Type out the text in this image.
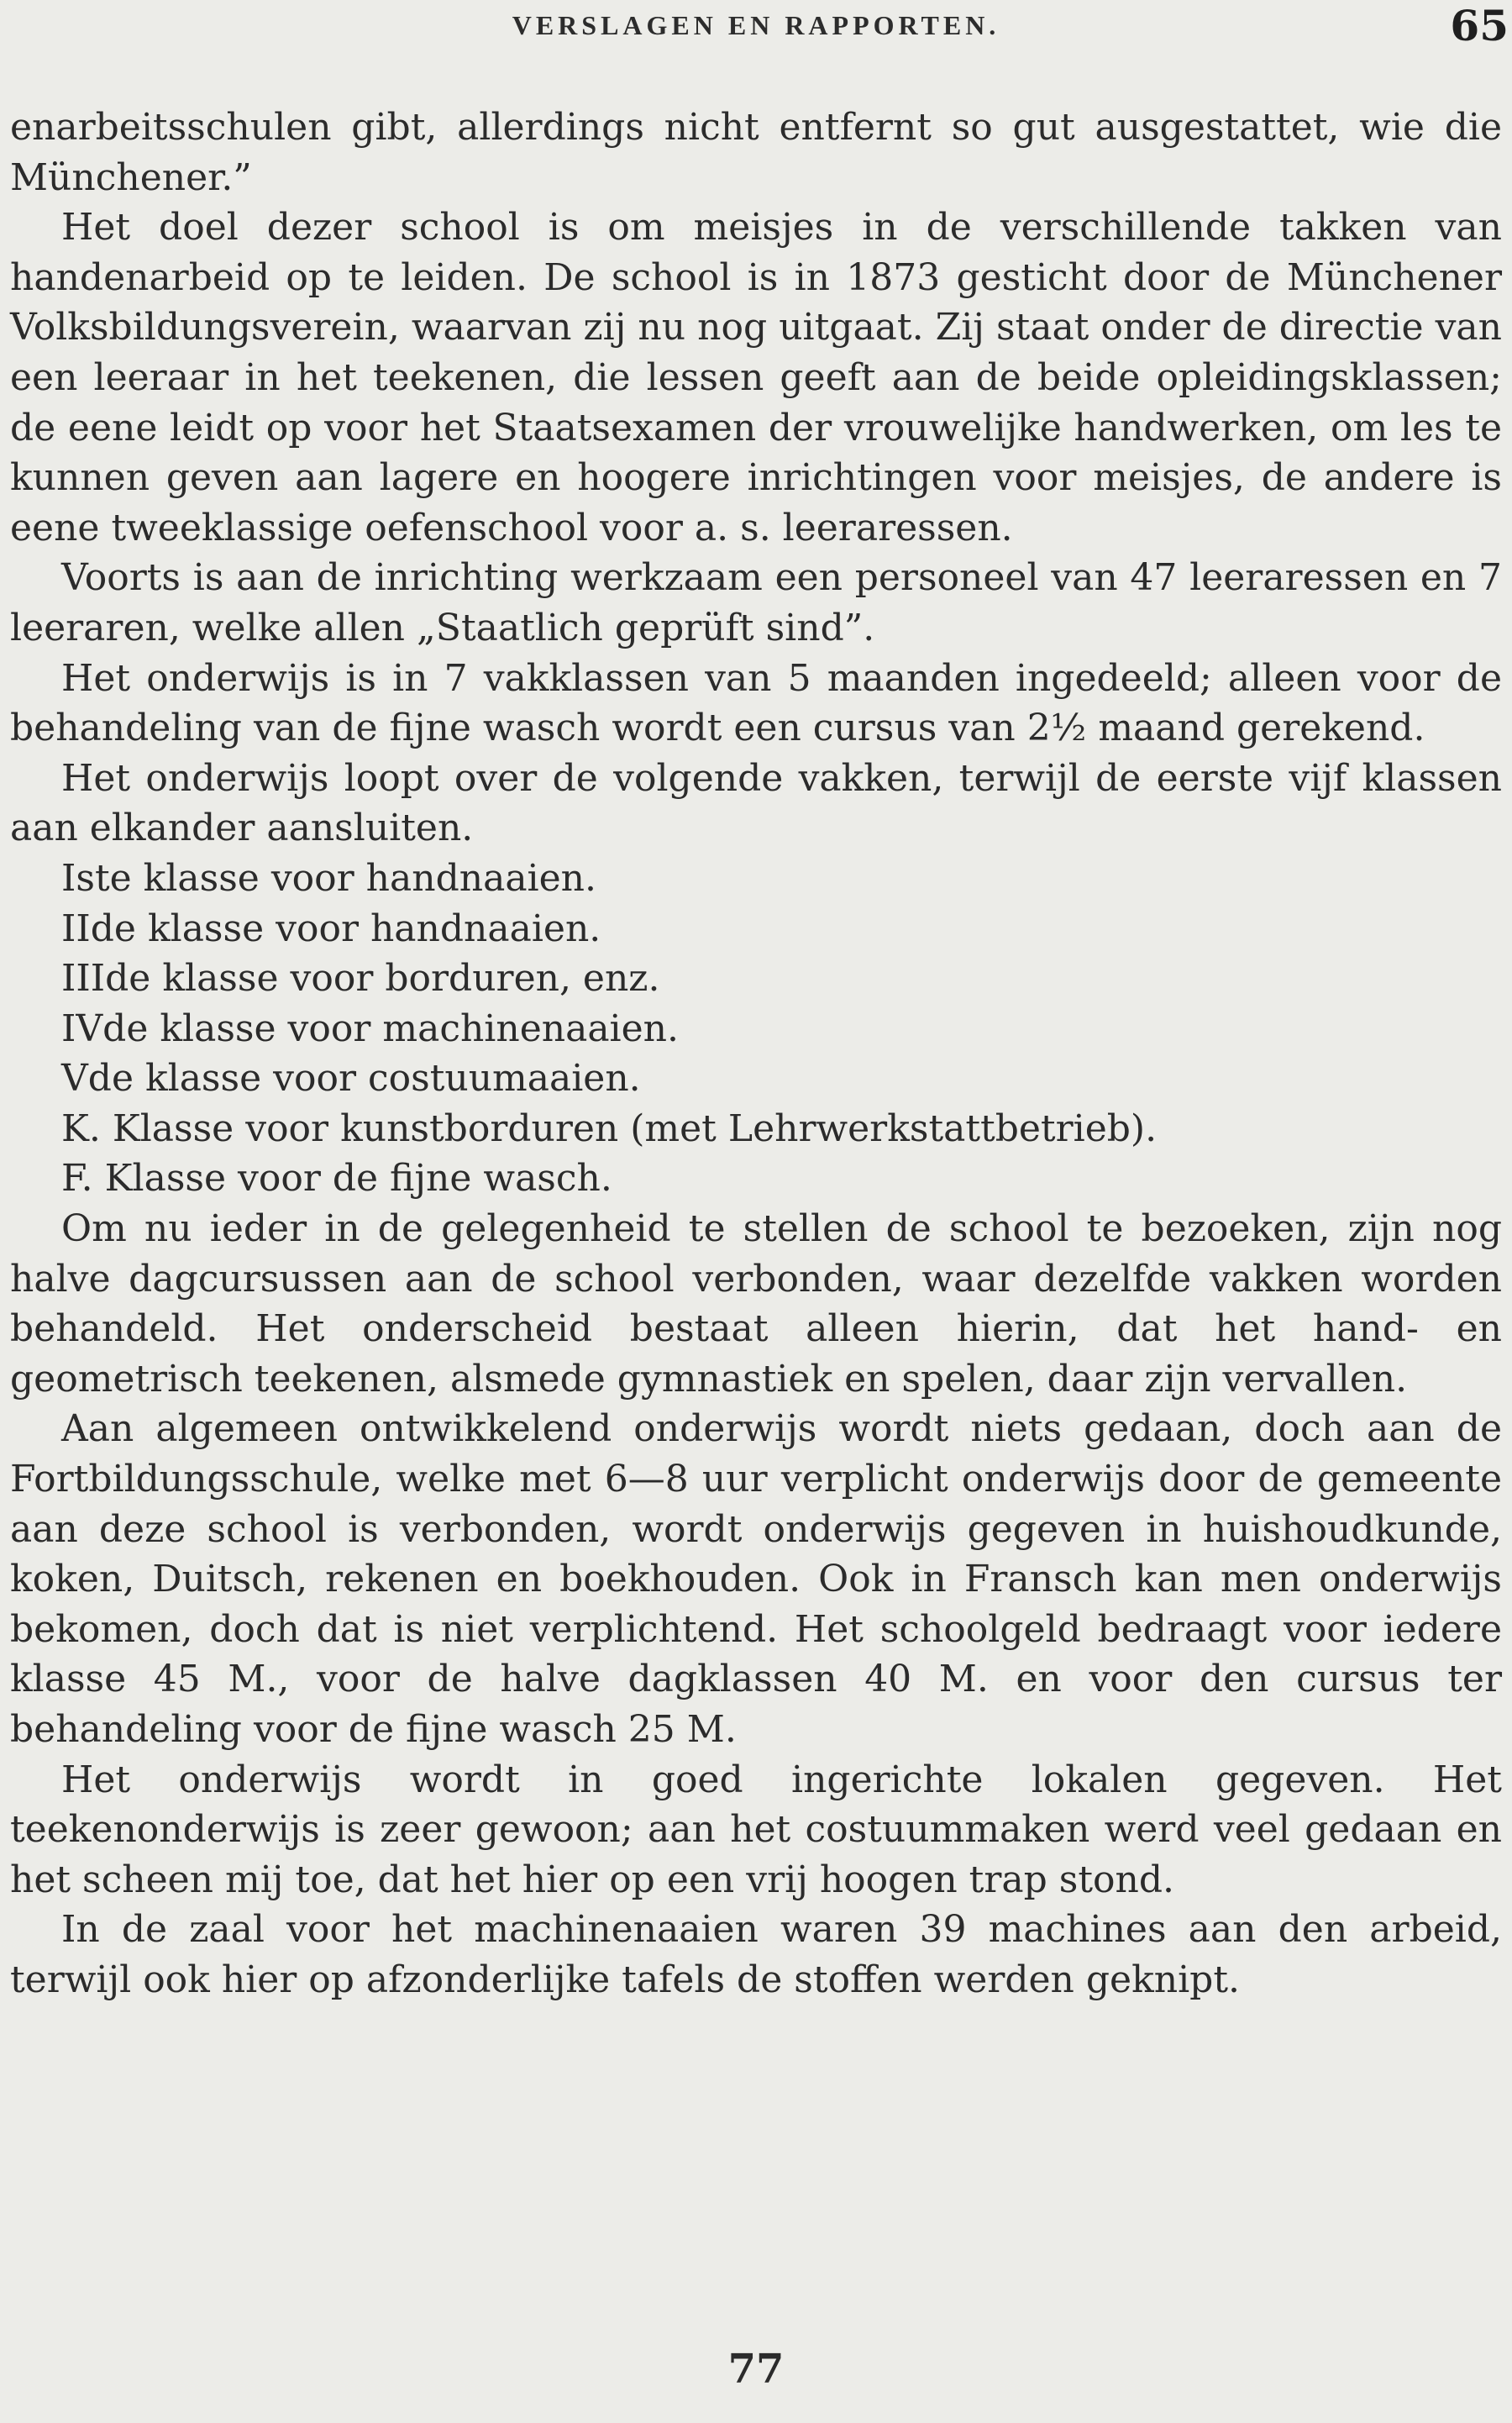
VERSLAGEN EN RAPPORTEN.	65

enarbeitsschulen gibt, allerdings nicht entfernt so gut ausgestattet, wie die Münchener.”

Het doel dezer school is om meisjes in de verschillende takken van handenarbeid op te leiden. De school is in 1873 gesticht door de Münchener Volksbildungsverein, waarvan zij nu nog uitgaat. Zij staat onder de directie van een leeraar in het teekenen, die lessen geeft aan de beide opleidingsklassen; de eene leidt op voor het Staatsexamen der vrouwelijke handwerken, om les te kunnen geven aan lagere en hoogere inrichtingen voor meisjes, de andere is eene tweeklassige oefenschool voor a. s. leeraressen.

Voorts is aan de inrichting werkzaam een personeel van 47 leeraressen en 7 leeraren, welke allen „Staatlich geprüft sind”.

Het onderwijs is in 7 vakklassen van 5 maanden ingedeeld; alleen voor de behandeling van de fijne wasch wordt een cursus van 2½ maand gerekend.

Het onderwijs loopt over de volgende vakken, terwijl de eerste vijf klassen aan elkander aansluiten.

Iste klasse voor handnaaien.

IIde klasse voor handnaaien.

IIIde klasse voor borduren, enz.

IVde klasse voor machinenaaien.

Vde klasse voor costuumaaien.

K. Klasse voor kunstborduren (met Lehrwerkstattbetrieb).

F. Klasse voor de fijne wasch.

Om nu ieder in de gelegenheid te stellen de school te bezoeken, zijn nog halve dagcursussen aan de school verbonden, waar dezelfde vakken worden behandeld. Het onderscheid bestaat alleen hierin, dat het hand- en geometrisch teekenen, alsmede gymnastiek en spelen, daar zijn vervallen.

Aan algemeen ontwikkelend onderwijs wordt niets gedaan, doch aan de Fortbildungsschule, welke met 6—8 uur verplicht onderwijs door de gemeente aan deze school is verbonden, wordt onderwijs gegeven in huishoudkunde, koken, Duitsch, rekenen en boekhouden. Ook in Fransch kan men onderwijs bekomen, doch dat is niet verplichtend. Het schoolgeld bedraagt voor iedere klasse 45 M., voor de halve dagklassen 40 M. en voor den cursus ter behandeling voor de fijne wasch 25 M.

Het onderwijs wordt in goed ingerichte lokalen gegeven. Het teekenonderwijs is zeer gewoon; aan het costuummaken werd veel gedaan en het scheen mij toe, dat het hier op een vrij hoogen trap stond.

In de zaal voor het machinenaaien waren 39 machines aan den arbeid, terwijl ook hier op afzonderlijke tafels de stoffen werden geknipt.

77
